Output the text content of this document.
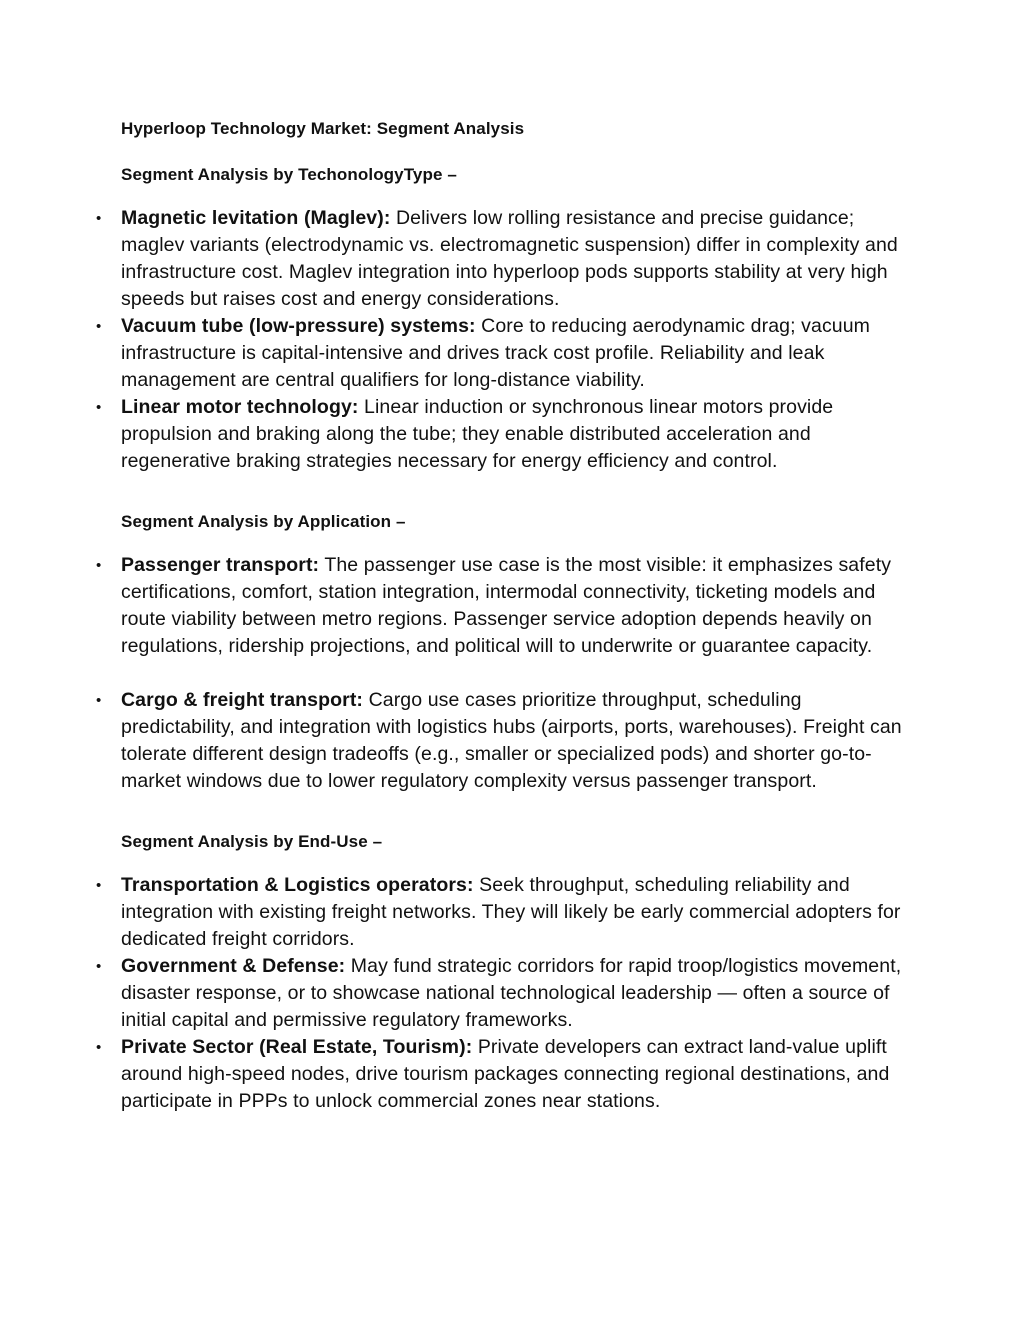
Hyperloop Technology Market: Segment Analysis
Segment Analysis by TechonologyType –
•	Magnetic levitation (Maglev): Delivers low rolling resistance and precise guidance; maglev variants (electrodynamic vs. electromagnetic suspension) differ in complexity and infrastructure cost. Maglev integration into hyperloop pods supports stability at very high speeds but raises cost and energy considerations.
•	Vacuum tube (low-pressure) systems: Core to reducing aerodynamic drag; vacuum infrastructure is capital-intensive and drives track cost profile. Reliability and leak management are central qualifiers for long-distance viability.
•	Linear motor technology: Linear induction or synchronous linear motors provide propulsion and braking along the tube; they enable distributed acceleration and regenerative braking strategies necessary for energy efficiency and control.
Segment Analysis by Application –
•	Passenger transport: The passenger use case is the most visible: it emphasizes safety certifications, comfort, station integration, intermodal connectivity, ticketing models and route viability between metro regions. Passenger service adoption depends heavily on regulations, ridership projections, and political will to underwrite or guarantee capacity.
•	Cargo & freight transport: Cargo use cases prioritize throughput, scheduling predictability, and integration with logistics hubs (airports, ports, warehouses). Freight can tolerate different design tradeoffs (e.g., smaller or specialized pods) and shorter go-to-market windows due to lower regulatory complexity versus passenger transport.
Segment Analysis by End-Use –
•	Transportation & Logistics operators: Seek throughput, scheduling reliability and integration with existing freight networks. They will likely be early commercial adopters for dedicated freight corridors.
•	Government & Defense: May fund strategic corridors for rapid troop/logistics movement, disaster response, or to showcase national technological leadership — often a source of initial capital and permissive regulatory frameworks.
•	Private Sector (Real Estate, Tourism): Private developers can extract land-value uplift around high-speed nodes, drive tourism packages connecting regional destinations, and participate in PPPs to unlock commercial zones near stations.
